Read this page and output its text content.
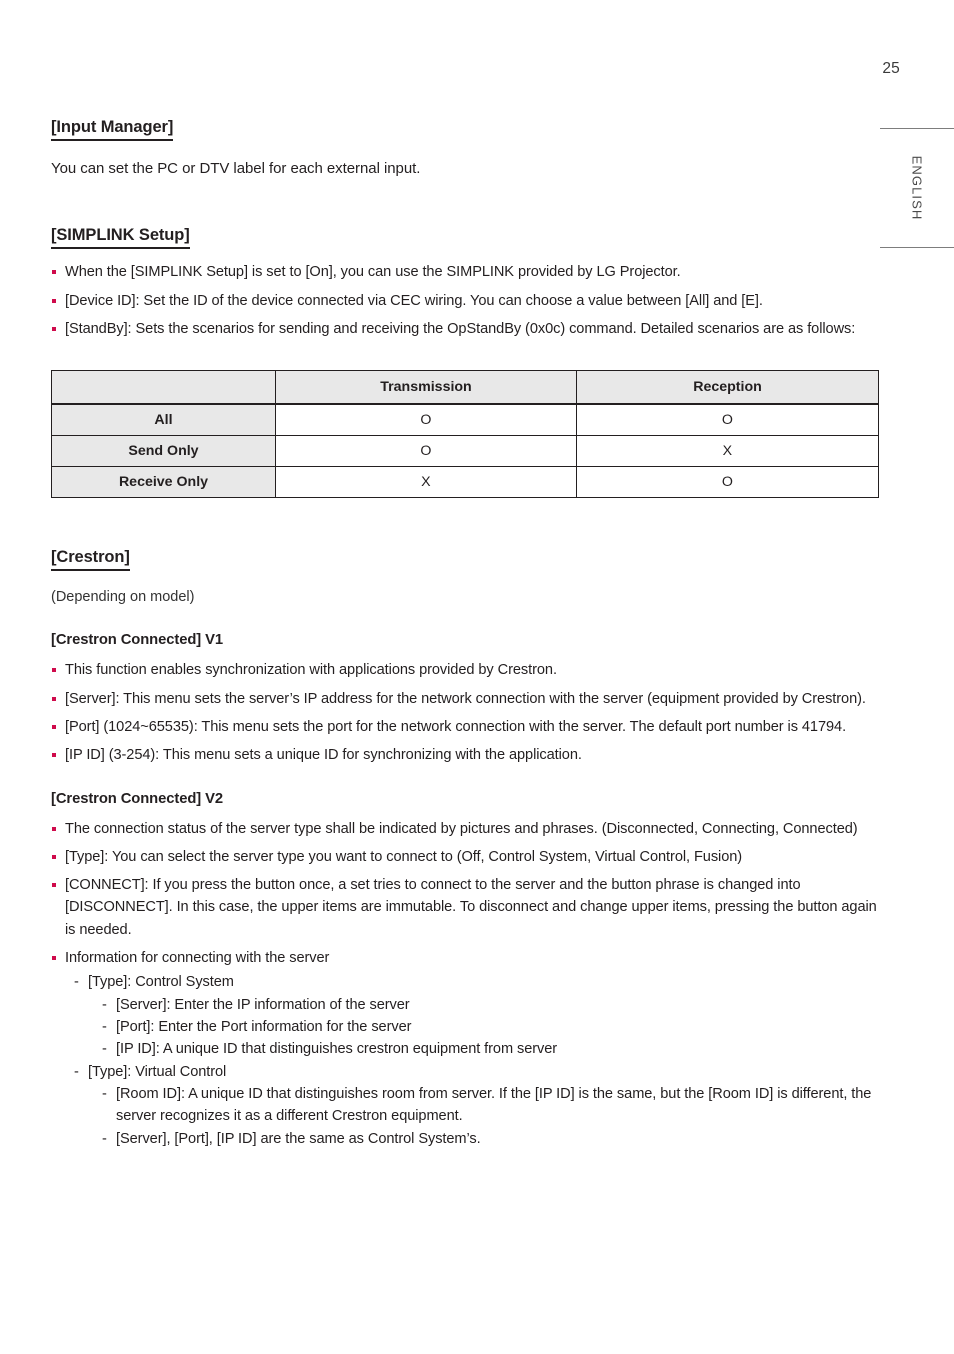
25
ENGLISH
[Input Manager]

You can set the PC or DTV label for each external input.

[SIMPLINK Setup]
When the [SIMPLINK Setup] is set to [On], you can use the SIMPLINK provided by LG Projector.
[Device ID]: Set the ID of the device connected via CEC wiring. You can choose a value between [All] and [E].
[StandBy]: Sets the scenarios for sending and receiving the OpStandBy (0x0c) command. Detailed scenarios are as follows:
	Transmission	Reception
All	O	O
Send Only	O	X
Receive Only	X	O
[Crestron]

(Depending on model)

[Crestron Connected] V1
This function enables synchronization with applications provided by Crestron.
[Server]: This menu sets the server’s IP address for the network connection with the server (equipment provided by Crestron).
[Port] (1024~65535): This menu sets the port for the network connection with the server. The default port number is 41794.
[IP ID] (3-254): This menu sets a unique ID for synchronizing with the application.
[Crestron Connected] V2
The connection status of the server type shall be indicated by pictures and phrases. (Disconnected, Connecting, Connected)
[Type]: You can select the server type you want to connect to (Off, Control System, Virtual Control, Fusion)
[CONNECT]: If you press the button once, a set tries to connect to the server and the button phrase is changed into [DISCONNECT]. In this case, the upper items are immutable. To disconnect and change upper items, pressing the button again is needed.
Information for connecting with the server
- [Type]: Control System
- [Server]: Enter the IP information of the server
- [Port]: Enter the Port information for the server
- [IP ID]: A unique ID that distinguishes crestron equipment from server
- [Type]: Virtual Control
- [Room ID]: A unique ID that distinguishes room from server. If the [IP ID] is the same, but the [Room ID] is different, the server recognizes it as a different Crestron equipment.
- [Server], [Port], [IP ID] are the same as Control System’s.
